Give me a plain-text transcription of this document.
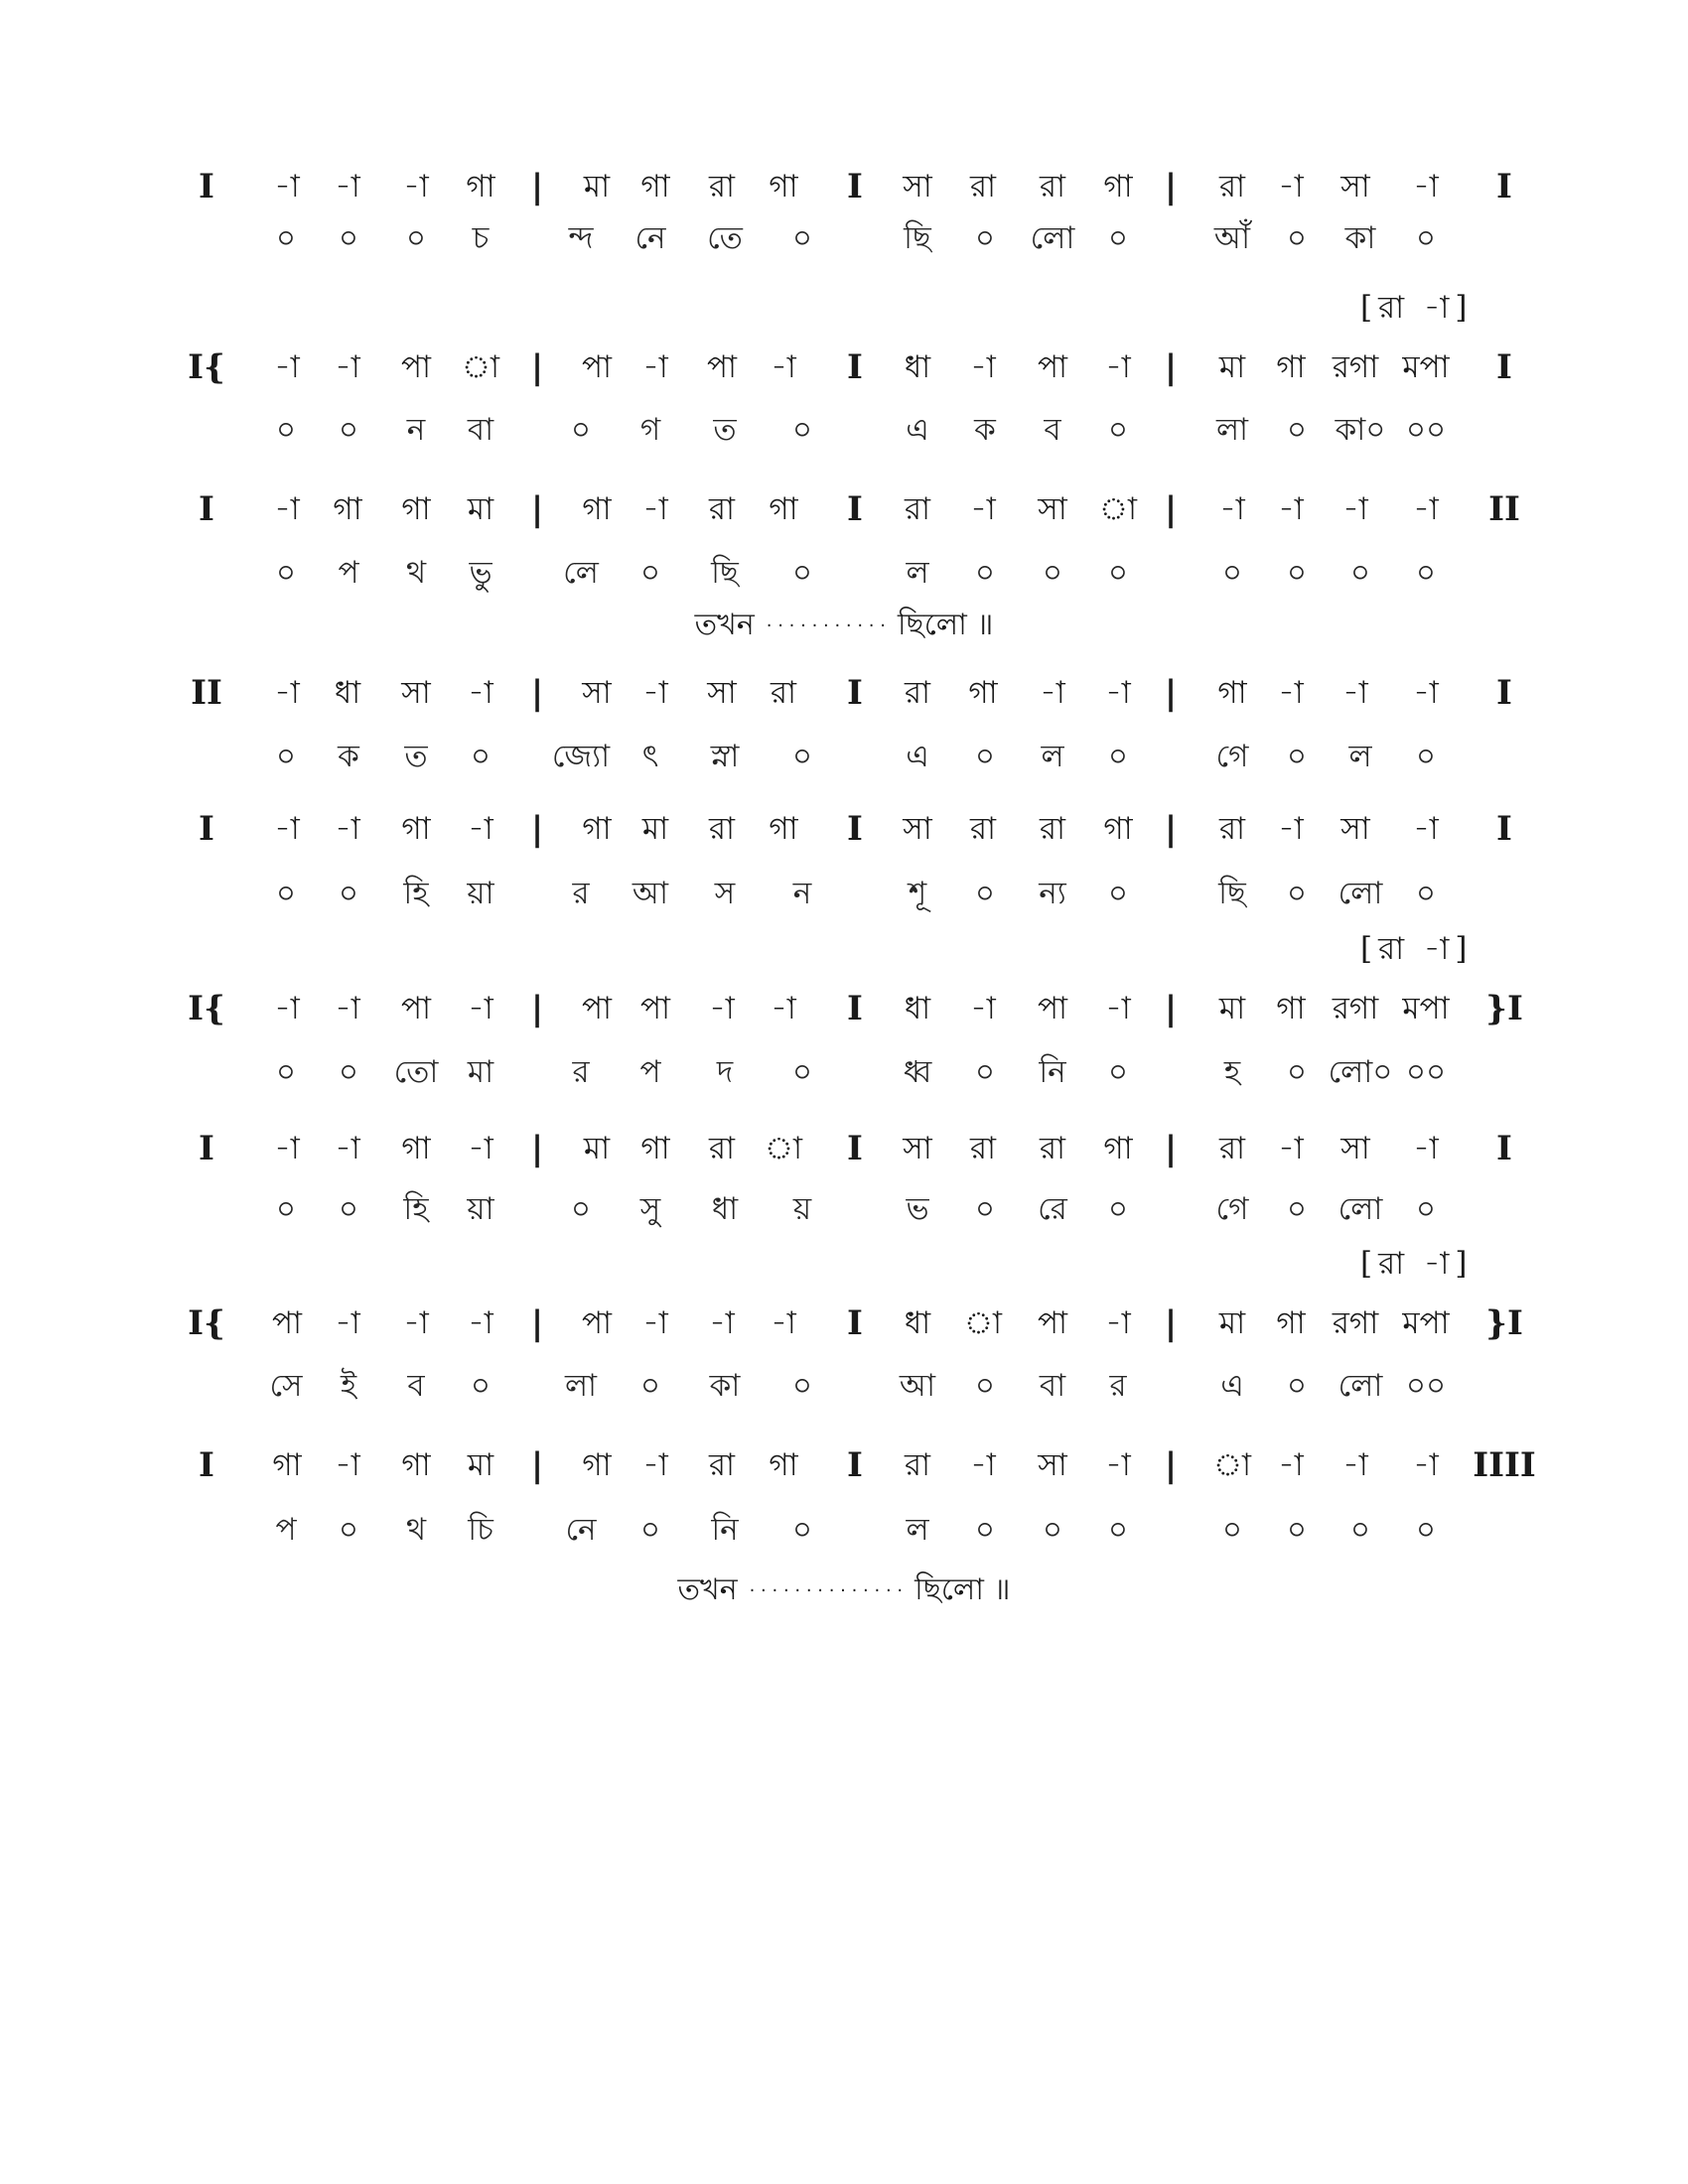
I -া -া -া গা | মা গা রা গা I সা রা রা গা | রা -া সা -া I
০ ০ ০ চ	ন্দ নে তে ০	ছি ০ লো ০	আঁ ০ কা ০
I{ -া -া পা া | পা -া পা -া I ধা -া পা -া | মা গা রগা মপা I
০ ০ ন বা	০ গ ত ০	এ ক ব ০	লা ০ কা০ ০০
[ রা  -া ]
I -া গা গা মা | গা -া রা গা I রা -া সা া | -া -া -া -া II
০ প থ ভু লে ০ ছি ০	ল ০ ০ ০	০ ০ ০ ০
তখন · · · · · · · · · · · ছিলো ॥
II -া ধা সা -া | সা -া সা রা I রা গা -া -া | গা -া -া -া I
০ ক ত ০ জ্যো ৎ স্না ০	এ ০ ল ০	গে ০ ল ০
I -া -া গা -া | গা মা রা গা I সা রা রা গা | রা -া সা -া I
০ ০ হি য়া	র আ স ন	শূ ০ ন্য ০	ছি ০ লো ০
I{ -া -া পা -া | পা পা -া -া I ধা -া পা -া | মা গা রগা মপা }I
০ ০ তো মা	র প দ ০	ধ্ব ০ নি ০	হ ০ লো০ ০০
[ রা  -া ]
I -া -া গা -া | মা গা রা া I সা রা রা গা | রা -া সা -া I
০ ০ হি য়া ০ সু ধা য়	ভ ০ রে ০	গে ০ লো ০
I{ পা -া -া -া | পা -া -া -া I ধা া পা -া | মা গা রগা মপা }I
সে ই ব ০ লা ০ কা ০	আ ০ বা র	এ ০ লো ০০
[ রা  -া ]
I গা -া গা মা | গা -া রা গা I রা -া সা -া | া -া -া -া IIII
প ০ থ চি নে ০ নি ০	ল ০ ০ ০	০ ০ ০ ০
তখন · · · · · · · · · · · · · · ছিলো ॥
